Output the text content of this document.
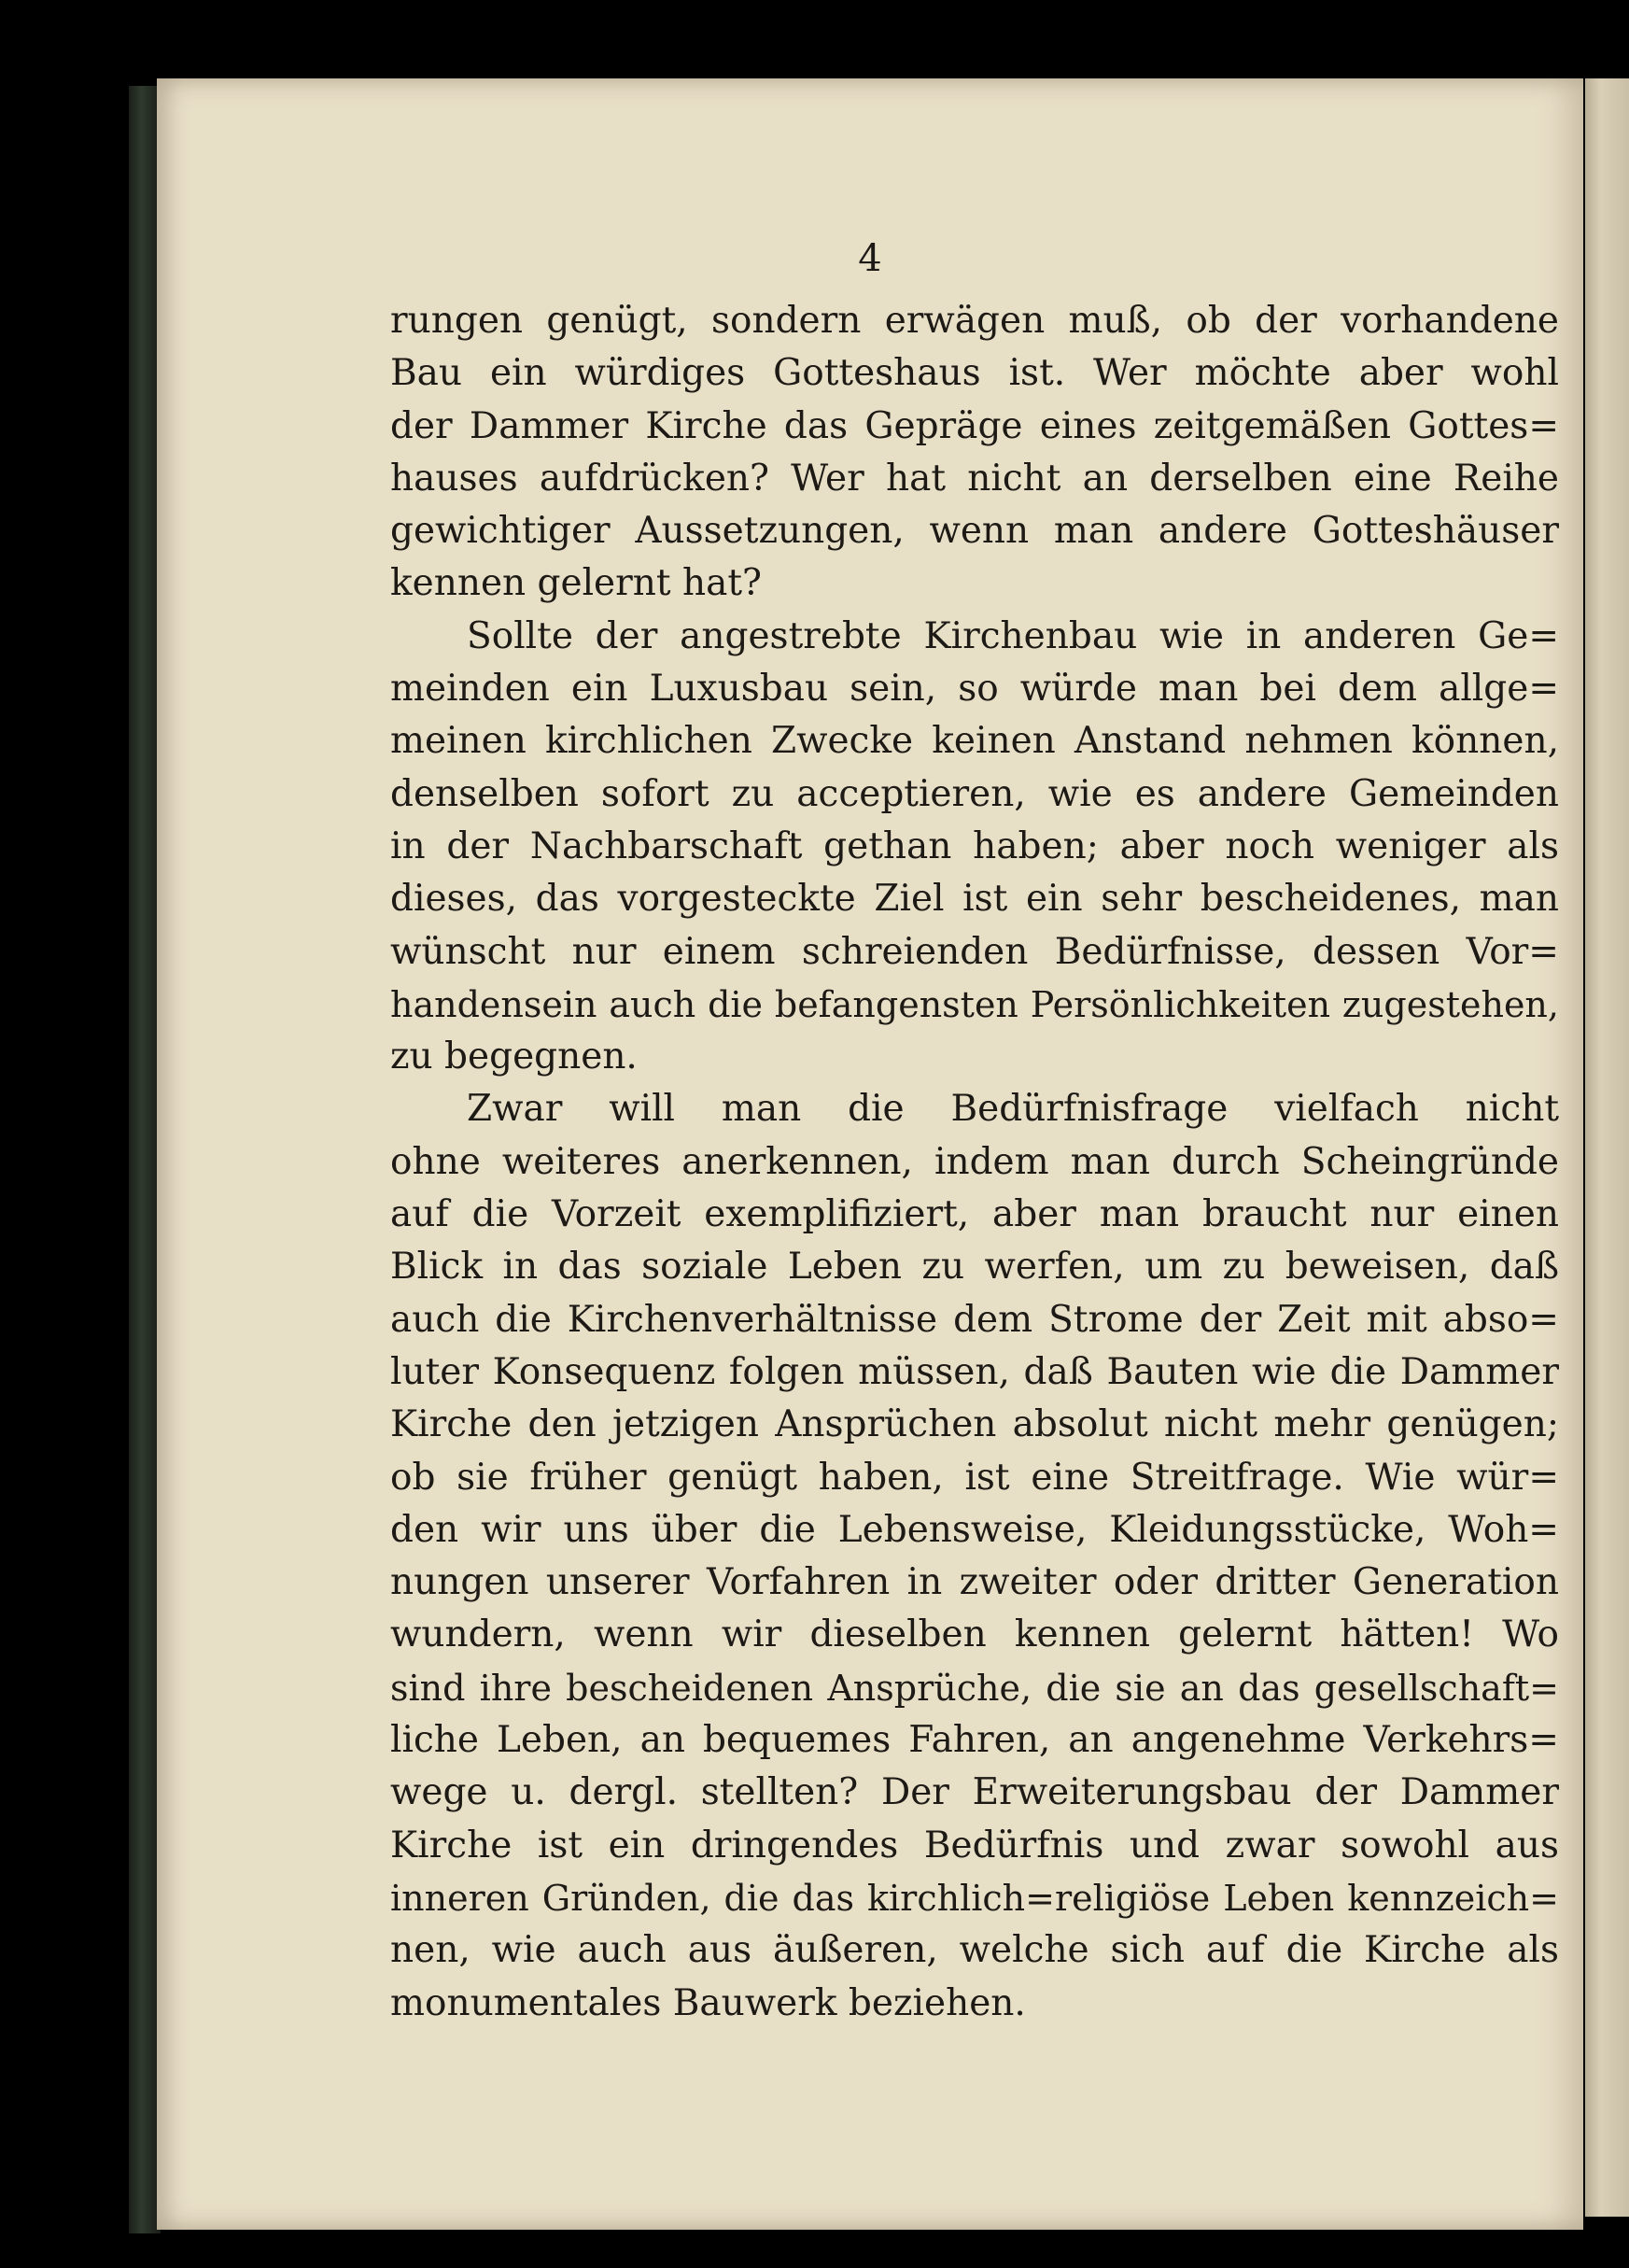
4
rungen genügt, sondern erwägen muß, ob der vorhandene
Bau ein würdiges Gotteshaus ist. Wer möchte aber wohl
der Dammer Kirche das Gepräge eines zeitgemäßen Gottes=
hauses aufdrücken? Wer hat nicht an derselben eine Reihe
gewichtiger Aussetzungen, wenn man andere Gotteshäuser
kennen gelernt hat?
Sollte der angestrebte Kirchenbau wie in anderen Ge=
meinden ein Luxusbau sein, so würde man bei dem allge=
meinen kirchlichen Zwecke keinen Anstand nehmen können,
denselben sofort zu acceptieren, wie es andere Gemeinden
in der Nachbarschaft gethan haben; aber noch weniger als
dieses, das vorgesteckte Ziel ist ein sehr bescheidenes, man
wünscht nur einem schreienden Bedürfnisse, dessen Vor=
handensein auch die befangensten Persönlichkeiten zugestehen,
zu begegnen.
Zwar will man die Bedürfnisfrage vielfach nicht
ohne weiteres anerkennen, indem man durch Scheingründe
auf die Vorzeit exemplifiziert, aber man braucht nur einen
Blick in das soziale Leben zu werfen, um zu beweisen, daß
auch die Kirchenverhältnisse dem Strome der Zeit mit abso=
luter Konsequenz folgen müssen, daß Bauten wie die Dammer
Kirche den jetzigen Ansprüchen absolut nicht mehr genügen;
ob sie früher genügt haben, ist eine Streitfrage. Wie wür=
den wir uns über die Lebensweise, Kleidungsstücke, Woh=
nungen unserer Vorfahren in zweiter oder dritter Generation
wundern, wenn wir dieselben kennen gelernt hätten! Wo
sind ihre bescheidenen Ansprüche, die sie an das gesellschaft=
liche Leben, an bequemes Fahren, an angenehme Verkehrs=
wege u. dergl. stellten? Der Erweiterungsbau der Dammer
Kirche ist ein dringendes Bedürfnis und zwar sowohl aus
inneren Gründen, die das kirchlich=religiöse Leben kennzeich=
nen, wie auch aus äußeren, welche sich auf die Kirche als
monumentales Bauwerk beziehen.
